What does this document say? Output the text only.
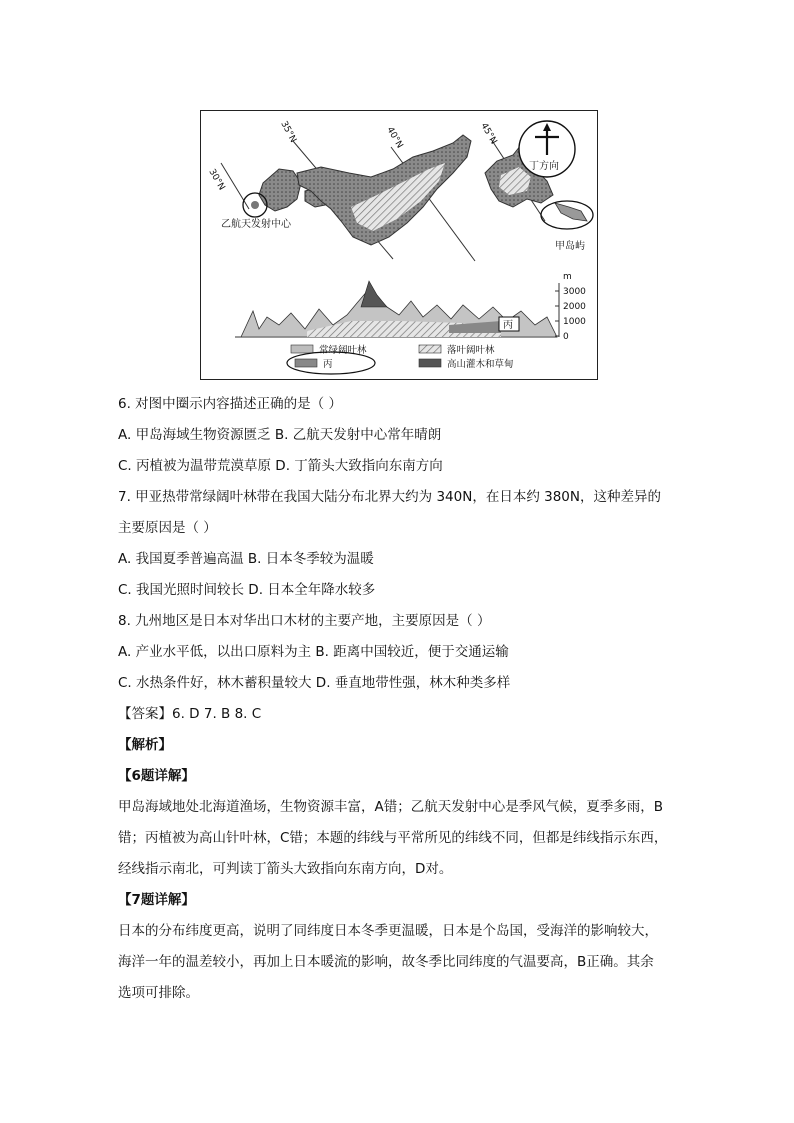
30°N
35°N	40°N	45°N
甲岛屿
乙航天发射中心
丁方向
丙
m
3000
2000
1000
0
常绿阔叶林	落叶阔叶林
丙	高山灌木和草甸
6. 对图中圈示内容描述正确的是（ ）
A. 甲岛海域生物资源匮乏 B. 乙航天发射中心常年晴朗
C. 丙植被为温带荒漠草原 D. 丁箭头大致指向东南方向
7. 甲亚热带常绿阔叶林带在我国大陆分布北界大约为 340N，在日本约 380N，这种差异的
主要原因是（ ）
A. 我国夏季普遍高温 B. 日本冬季较为温暖
C. 我国光照时间较长 D. 日本全年降水较多
8. 九州地区是日本对华出口木材的主要产地，主要原因是（ ）
A. 产业水平低，以出口原料为主 B. 距离中国较近，便于交通运输
C. 水热条件好，林木蓄积量较大 D. 垂直地带性强，林木种类多样
【答案】6. D 7. B 8. C
【解析】
【6题详解】
甲岛海域地处北海道渔场，生物资源丰富，A错；乙航天发射中心是季风气候，夏季多雨，B
错；丙植被为高山针叶林，C错；本题的纬线与平常所见的纬线不同，但都是纬线指示东西，
经线指示南北，可判读丁箭头大致指向东南方向，D对。
【7题详解】
日本的分布纬度更高，说明了同纬度日本冬季更温暖，日本是个岛国，受海洋的影响较大，
海洋一年的温差较小，再加上日本暖流的影响，故冬季比同纬度的气温要高，B正确。其余
选项可排除。
